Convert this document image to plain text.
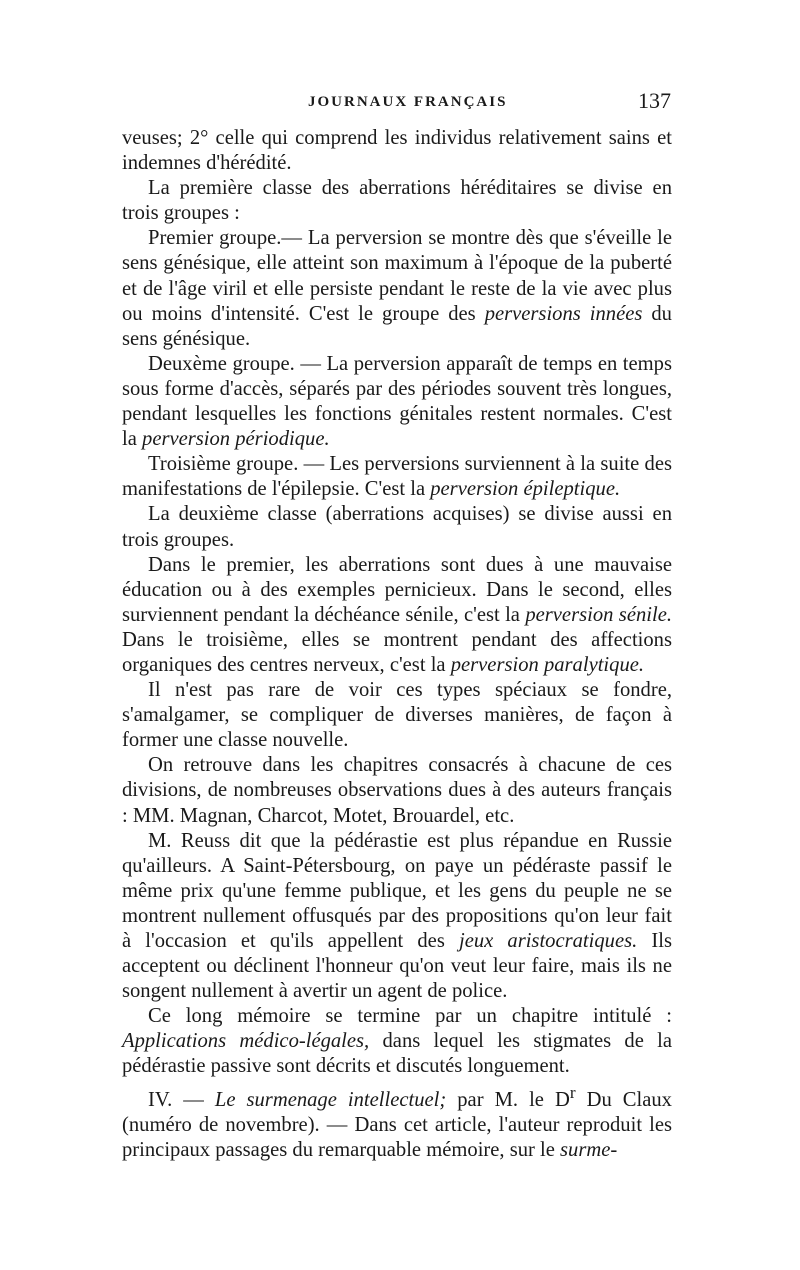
JOURNAUX FRANÇAIS	137

veuses; 2° celle qui comprend les individus relativement sains et indemnes d'hérédité.

La première classe des aberrations héréditaires se divise en trois groupes :

Premier groupe.— La perversion se montre dès que s'éveille le sens génésique, elle atteint son maximum à l'époque de la puberté et de l'âge viril et elle persiste pendant le reste de la vie avec plus ou moins d'intensité. C'est le groupe des perversions innées du sens génésique.

Deuxème groupe. — La perversion apparaît de temps en temps sous forme d'accès, séparés par des périodes souvent très longues, pendant lesquelles les fonctions génitales restent normales. C'est la perversion périodique.

Troisième groupe. — Les perversions surviennent à la suite des manifestations de l'épilepsie. C'est la perversion épileptique.

La deuxième classe (aberrations acquises) se divise aussi en trois groupes.

Dans le premier, les aberrations sont dues à une mauvaise éducation ou à des exemples pernicieux. Dans le second, elles surviennent pendant la déchéance sénile, c'est la perversion sénile. Dans le troisième, elles se montrent pendant des affections organiques des centres nerveux, c'est la perversion paralytique.

Il n'est pas rare de voir ces types spéciaux se fondre, s'amalgamer, se compliquer de diverses manières, de façon à former une classe nouvelle.

On retrouve dans les chapitres consacrés à chacune de ces divisions, de nombreuses observations dues à des auteurs français : MM. Magnan, Charcot, Motet, Brouardel, etc.

M. Reuss dit que la pédérastie est plus répandue en Russie qu'ailleurs. A Saint-Pétersbourg, on paye un pédéraste passif le même prix qu'une femme publique, et les gens du peuple ne se montrent nullement offusqués par des propositions qu'on leur fait à l'occasion et qu'ils appellent des jeux aristocratiques. Ils acceptent ou déclinent l'honneur qu'on veut leur faire, mais ils ne songent nullement à avertir un agent de police.

Ce long mémoire se termine par un chapitre intitulé : Applications médico-légales, dans lequel les stigmates de la pédérastie passive sont décrits et discutés longuement.

IV. — Le surmenage intellectuel; par M. le $D^r$ Du Claux (numéro de novembre). — Dans cet article, l'auteur reproduit les principaux passages du remarquable mémoire, sur le surme-
